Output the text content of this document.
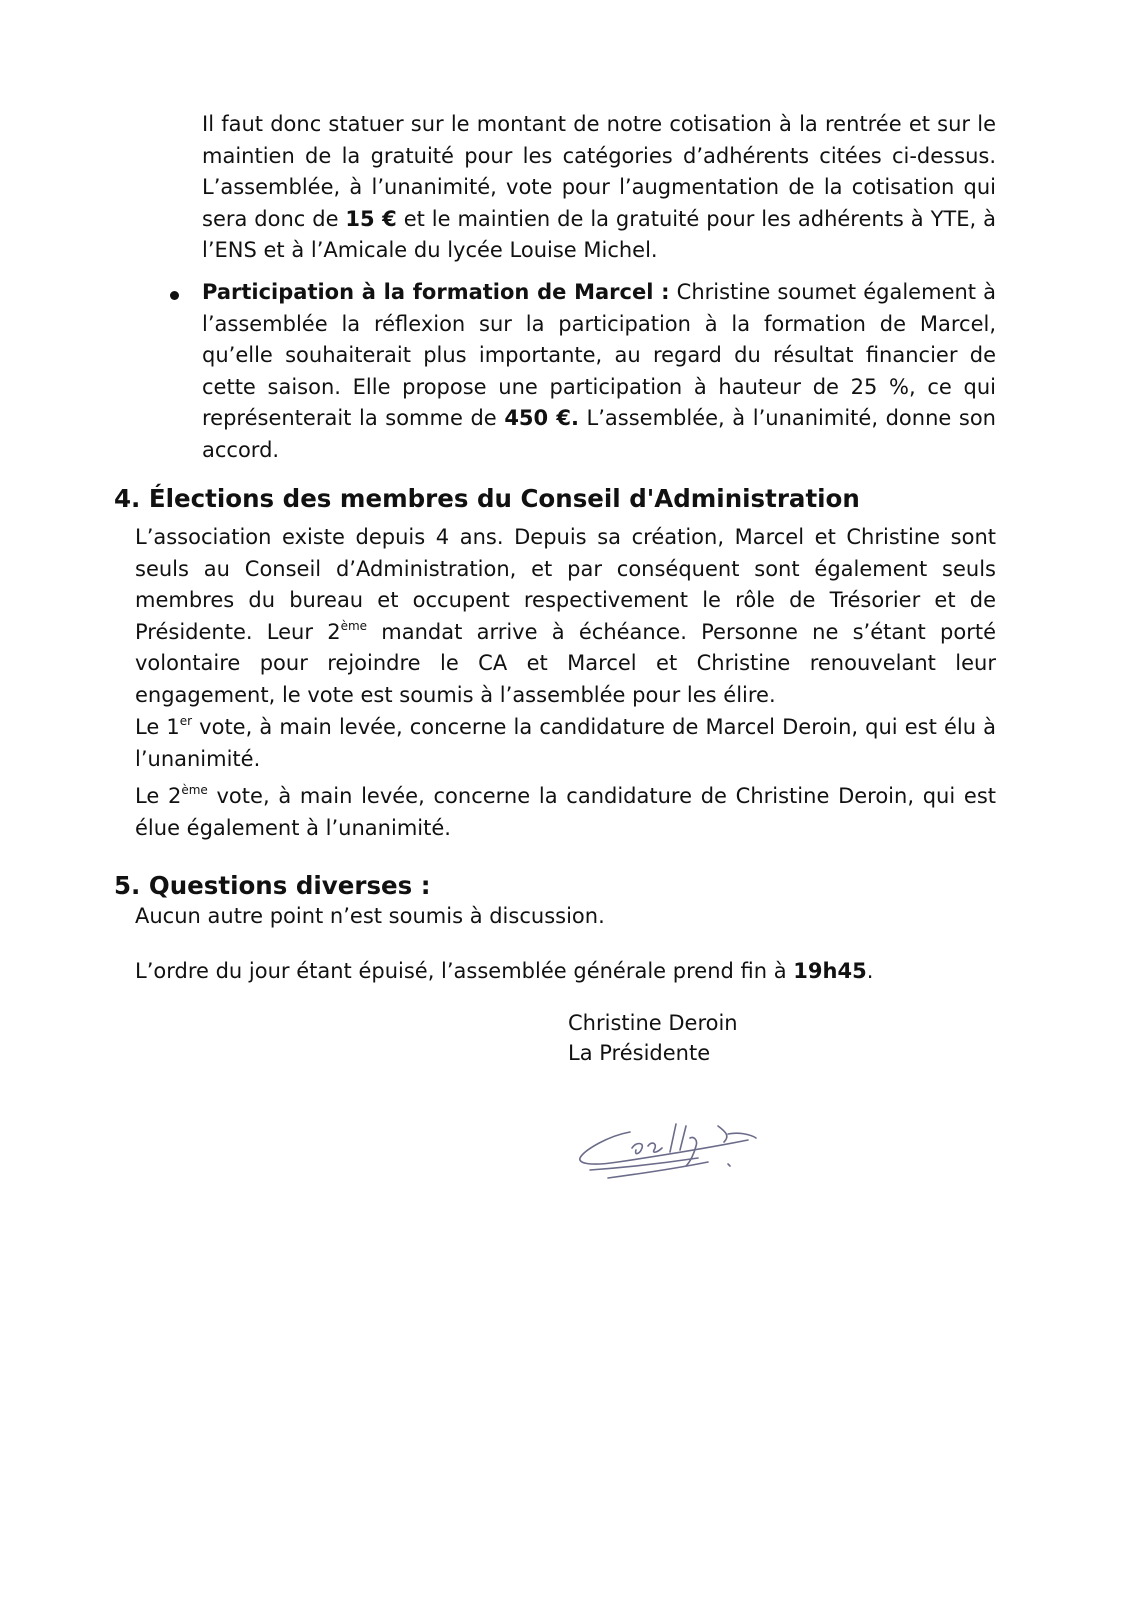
Il faut donc statuer sur le montant de notre cotisation à la rentrée et sur le maintien de la gratuité pour les catégories d’adhérents citées ci-dessus. L’assemblée, à l’unanimité, vote pour l’augmentation de la cotisation qui sera donc de 15 € et le maintien de la gratuité pour les adhérents à YTE, à l’ENS et à l’Amicale du lycée Louise Michel.

Participation à la formation de Marcel : Christine soumet également à l’assemblée la réflexion sur la participation à la formation de Marcel, qu’elle souhaiterait plus importante, au regard du résultat financier de cette saison. Elle propose une participation à hauteur de 25 %, ce qui représenterait la somme de 450 €. L’assemblée, à l’unanimité, donne son accord.

4. Élections des membres du Conseil d'Administration

L’association existe depuis 4 ans. Depuis sa création, Marcel et Christine sont seuls au Conseil d’Administration, et par conséquent sont également seuls membres du bureau et occupent respectivement le rôle de Trésorier et de Présidente. Leur 2ème mandat arrive à échéance. Personne ne s’étant porté volontaire pour rejoindre le CA et Marcel et Christine renouvelant leur engagement, le vote est soumis à l’assemblée pour les élire.

Le 1er vote, à main levée, concerne la candidature de Marcel Deroin, qui est élu à l’unanimité.

Le 2ème vote, à main levée, concerne la candidature de Christine Deroin, qui est élue également à l’unanimité.

5. Questions diverses :

Aucun autre point n’est soumis à discussion.

L’ordre du jour étant épuisé, l’assemblée générale prend fin à 19h45.

Christine Deroin

La Présidente
